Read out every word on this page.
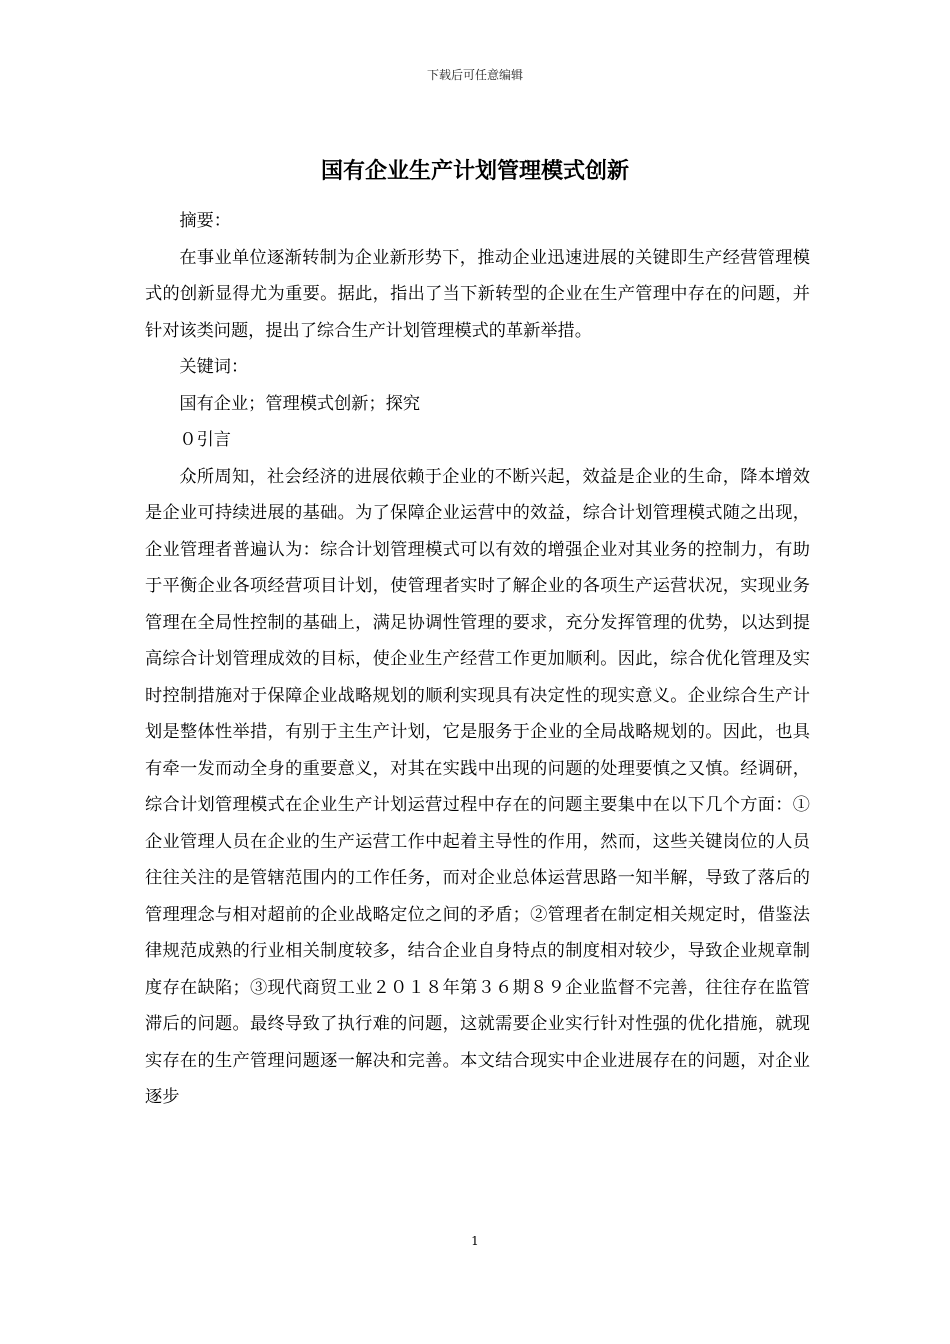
下载后可任意编辑
国有企业生产计划管理模式创新

摘要：

在事业单位逐渐转制为企业新形势下，推动企业迅速进展的关键即生产经营管理模式的创新显得尤为重要。据此，指出了当下新转型的企业在生产管理中存在的问题，并针对该类问题，提出了综合生产计划管理模式的革新举措。

关键词：

国有企业；管理模式创新；探究

０引言

众所周知，社会经济的进展依赖于企业的不断兴起，效益是企业的生命，降本增效是企业可持续进展的基础。为了保障企业运营中的效益，综合计划管理模式随之出现，企业管理者普遍认为：综合计划管理模式可以有效的增强企业对其业务的控制力，有助于平衡企业各项经营项目计划，使管理者实时了解企业的各项生产运营状况，实现业务管理在全局性控制的基础上，满足协调性管理的要求，充分发挥管理的优势，以达到提高综合计划管理成效的目标，使企业生产经营工作更加顺利。因此，综合优化管理及实时控制措施对于保障企业战略规划的顺利实现具有决定性的现实意义。企业综合生产计划是整体性举措，有别于主生产计划，它是服务于企业的全局战略规划的。因此，也具有牵一发而动全身的重要意义，对其在实践中出现的问题的处理要慎之又慎。经调研，综合计划管理模式在企业生产计划运营过程中存在的问题主要集中在以下几个方面：①企业管理人员在企业的生产运营工作中起着主导性的作用，然而，这些关键岗位的人员往往关注的是管辖范围内的工作任务，而对企业总体运营思路一知半解，导致了落后的管理理念与相对超前的企业战略定位之间的矛盾；②管理者在制定相关规定时，借鉴法律规范成熟的行业相关制度较多，结合企业自身特点的制度相对较少，导致企业规章制度存在缺陷；③现代商贸工业２０１８年第３６期８９企业监督不完善，往往存在监管滞后的问题。最终导致了执行难的问题，这就需要企业实行针对性强的优化措施，就现实存在的生产管理问题逐一解决和完善。本文结合现实中企业进展存在的问题，对企业逐步

1
